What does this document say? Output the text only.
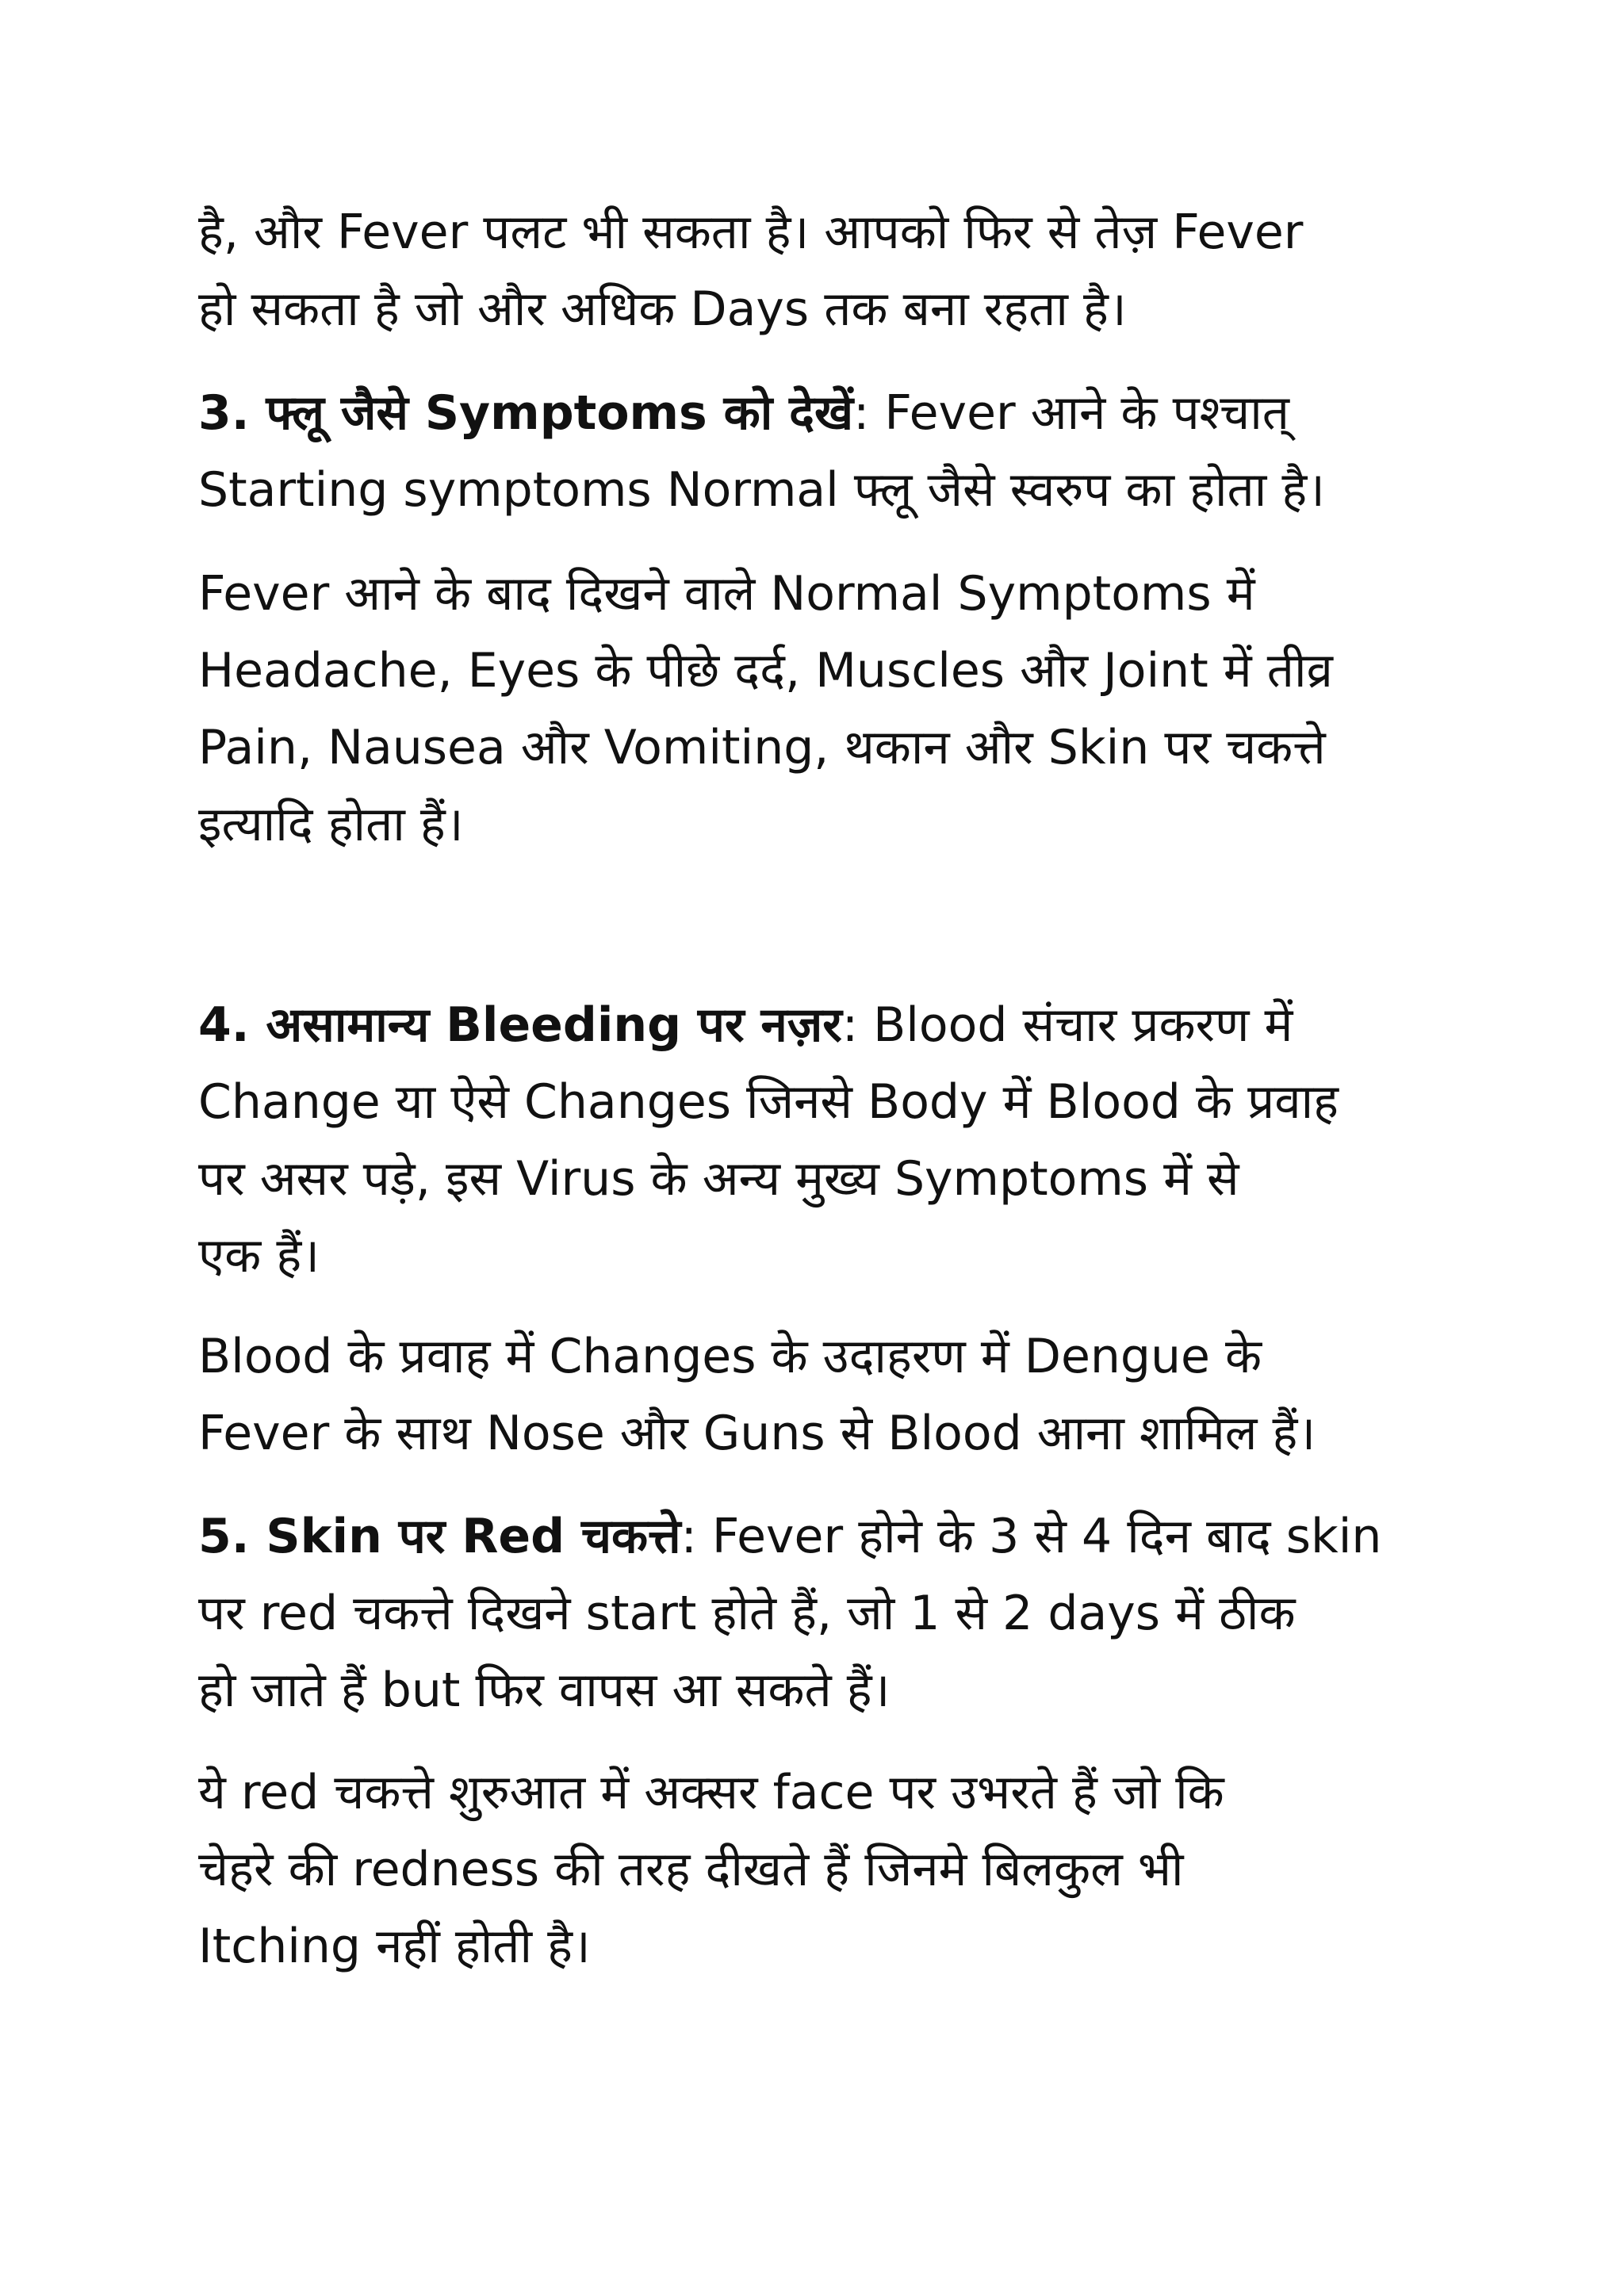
है, और Fever पलट भी सकता है। आपको फिर से तेज़ Fever
हो सकता है जो और अधिक Days तक बना रहता है।
3. फ्लू जैसे Symptoms को देखें: Fever आने के पश्चात्
Starting symptoms Normal फ्लू जैसे स्वरुप का होता है।
Fever आने के बाद दिखने वाले Normal Symptoms में
Headache, Eyes के पीछे दर्द, Muscles और Joint में तीव्र
Pain, Nausea और Vomiting, थकान और Skin पर चकत्ते
इत्यादि होता हैं।
4. असामान्य Bleeding पर नज़र: Blood संचार प्रकरण में
Change या ऐसे Changes जिनसे Body में Blood के प्रवाह
पर असर पड़े, इस Virus के अन्य मुख्य Symptoms में से
एक हैं।
Blood के प्रवाह में Changes के उदाहरण में Dengue के
Fever के साथ Nose और Guns से Blood आना शामिल हैं।
5. Skin पर Red चकत्ते: Fever होने के 3 से 4 दिन बाद skin
पर red चकत्ते दिखने start होते हैं, जो 1 से 2 days में ठीक
हो जाते हैं but फिर वापस आ सकते हैं।
ये red चकत्ते शुरुआत में अक्सर face पर उभरते हैं जो कि
चेहरे की redness की तरह दीखते हैं जिनमे बिलकुल भी
Itching नहीं होती है।
